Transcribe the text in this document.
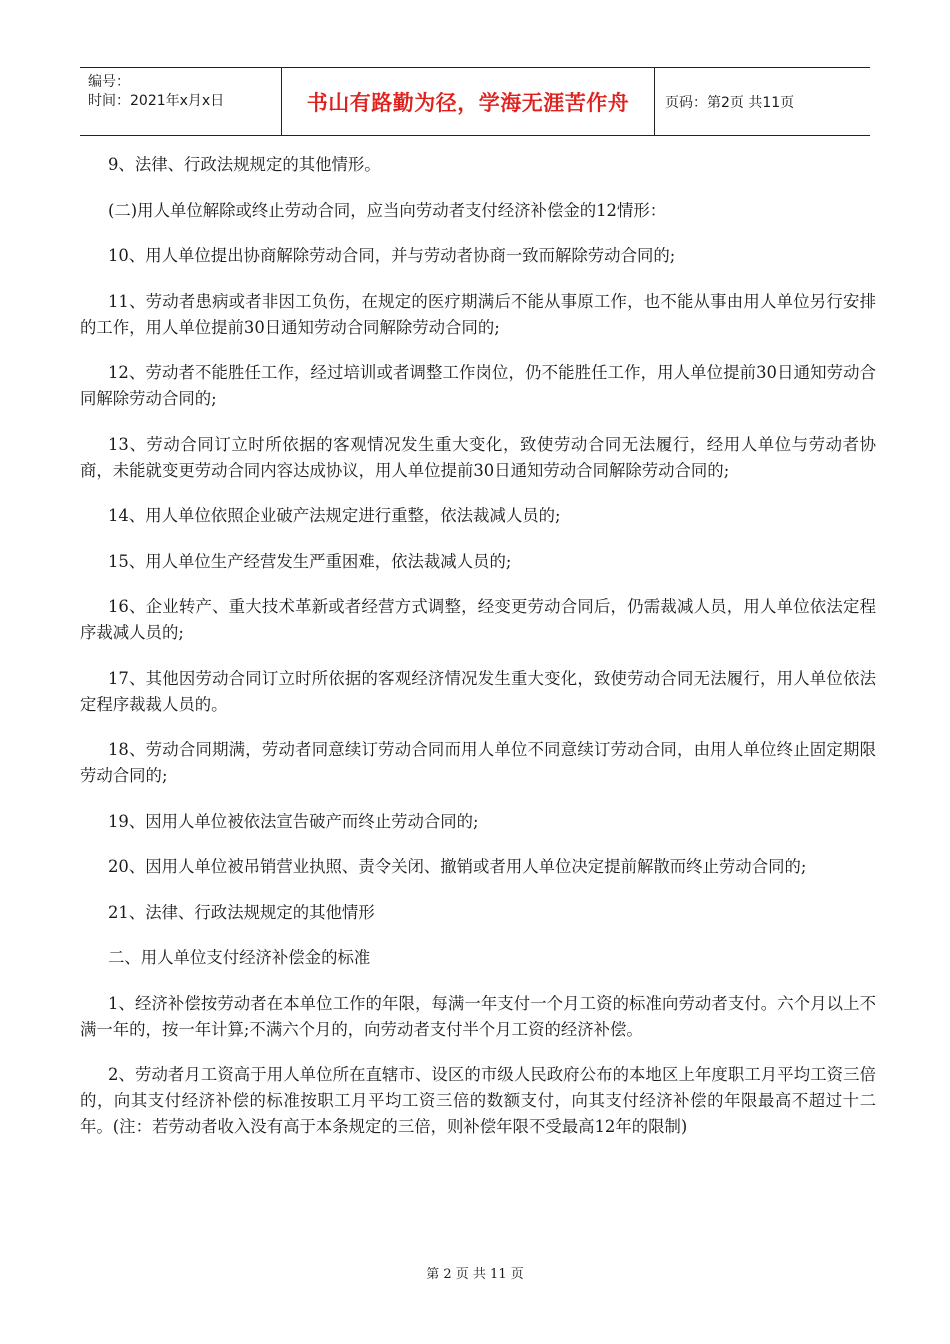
编号：
时间：2021年x月x日	书山有路勤为径，学海无涯苦作舟	页码：第2页 共11页

9、法律、行政法规规定的其他情形。

(二)用人单位解除或终止劳动合同，应当向劳动者支付经济补偿金的12情形：

10、用人单位提出协商解除劳动合同，并与劳动者协商一致而解除劳动合同的;

11、劳动者患病或者非因工负伤，在规定的医疗期满后不能从事原工作，也不能从事由用人单位另行安排的工作，用人单位提前30日通知劳动合同解除劳动合同的;

12、劳动者不能胜任工作，经过培训或者调整工作岗位，仍不能胜任工作，用人单位提前30日通知劳动合同解除劳动合同的;

13、劳动合同订立时所依据的客观情况发生重大变化，致使劳动合同无法履行，经用人单位与劳动者协商，未能就变更劳动合同内容达成协议，用人单位提前30日通知劳动合同解除劳动合同的;

14、用人单位依照企业破产法规定进行重整，依法裁减人员的;

15、用人单位生产经营发生严重困难，依法裁减人员的;

16、企业转产、重大技术革新或者经营方式调整，经变更劳动合同后，仍需裁减人员，用人单位依法定程序裁减人员的;

17、其他因劳动合同订立时所依据的客观经济情况发生重大变化，致使劳动合同无法履行，用人单位依法定程序裁裁人员的。

18、劳动合同期满，劳动者同意续订劳动合同而用人单位不同意续订劳动合同，由用人单位终止固定期限劳动合同的;

19、因用人单位被依法宣告破产而终止劳动合同的;

20、因用人单位被吊销营业执照、责令关闭、撤销或者用人单位决定提前解散而终止劳动合同的;

21、法律、行政法规规定的其他情形

二、用人单位支付经济补偿金的标准

1、经济补偿按劳动者在本单位工作的年限，每满一年支付一个月工资的标准向劳动者支付。六个月以上不满一年的，按一年计算;不满六个月的，向劳动者支付半个月工资的经济补偿。

2、劳动者月工资高于用人单位所在直辖市、设区的市级人民政府公布的本地区上年度职工月平均工资三倍的，向其支付经济补偿的标准按职工月平均工资三倍的数额支付，向其支付经济补偿的年限最高不超过十二年。(注：若劳动者收入没有高于本条规定的三倍，则补偿年限不受最高12年的限制)

第 2 页 共 11 页
